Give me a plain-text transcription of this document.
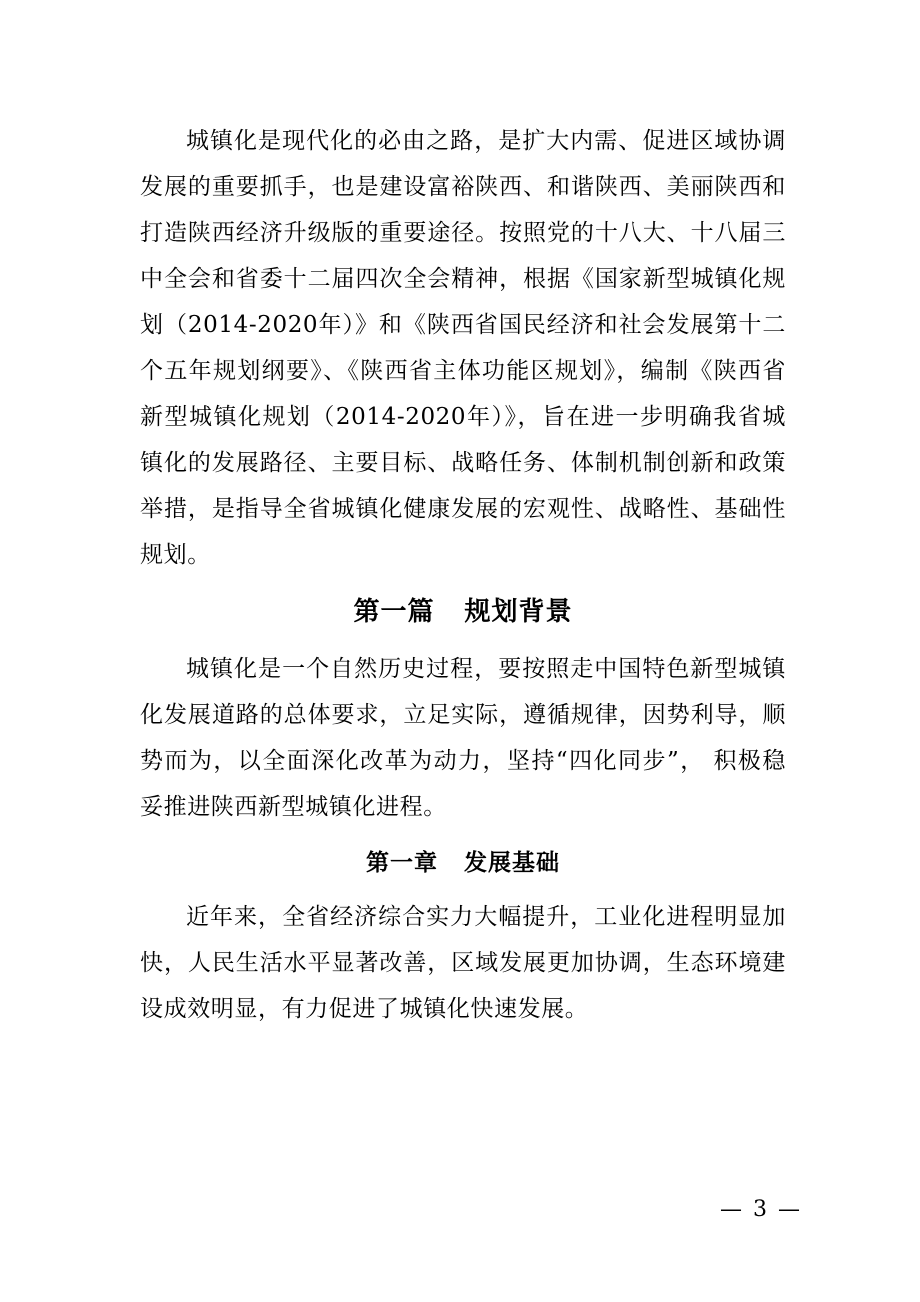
城镇化是现代化的必由之路，是扩大内需、促进区域协调发展的重要抓手，也是建设富裕陕西、和谐陕西、美丽陕西和打造陕西经济升级版的重要途径。按照党的十八大、十八届三中全会和省委十二届四次全会精神，根据《国家新型城镇化规划（2014-2020年）》和《陕西省国民经济和社会发展第十二个五年规划纲要》、《陕西省主体功能区规划》，编制《陕西省新型城镇化规划（2014-2020年）》，旨在进一步明确我省城镇化的发展路径、主要目标、战略任务、体制机制创新和政策举措，是指导全省城镇化健康发展的宏观性、战略性、基础性规划。

第一篇 规划背景

城镇化是一个自然历史过程，要按照走中国特色新型城镇化发展道路的总体要求，立足实际，遵循规律，因势利导，顺势而为，以全面深化改革为动力，坚持“四化同步”， 积极稳妥推进陕西新型城镇化进程。

第一章 发展基础

近年来，全省经济综合实力大幅提升，工业化进程明显加快，人民生活水平显著改善，区域发展更加协调，生态环境建设成效明显，有力促进了城镇化快速发展。

— 3 —
